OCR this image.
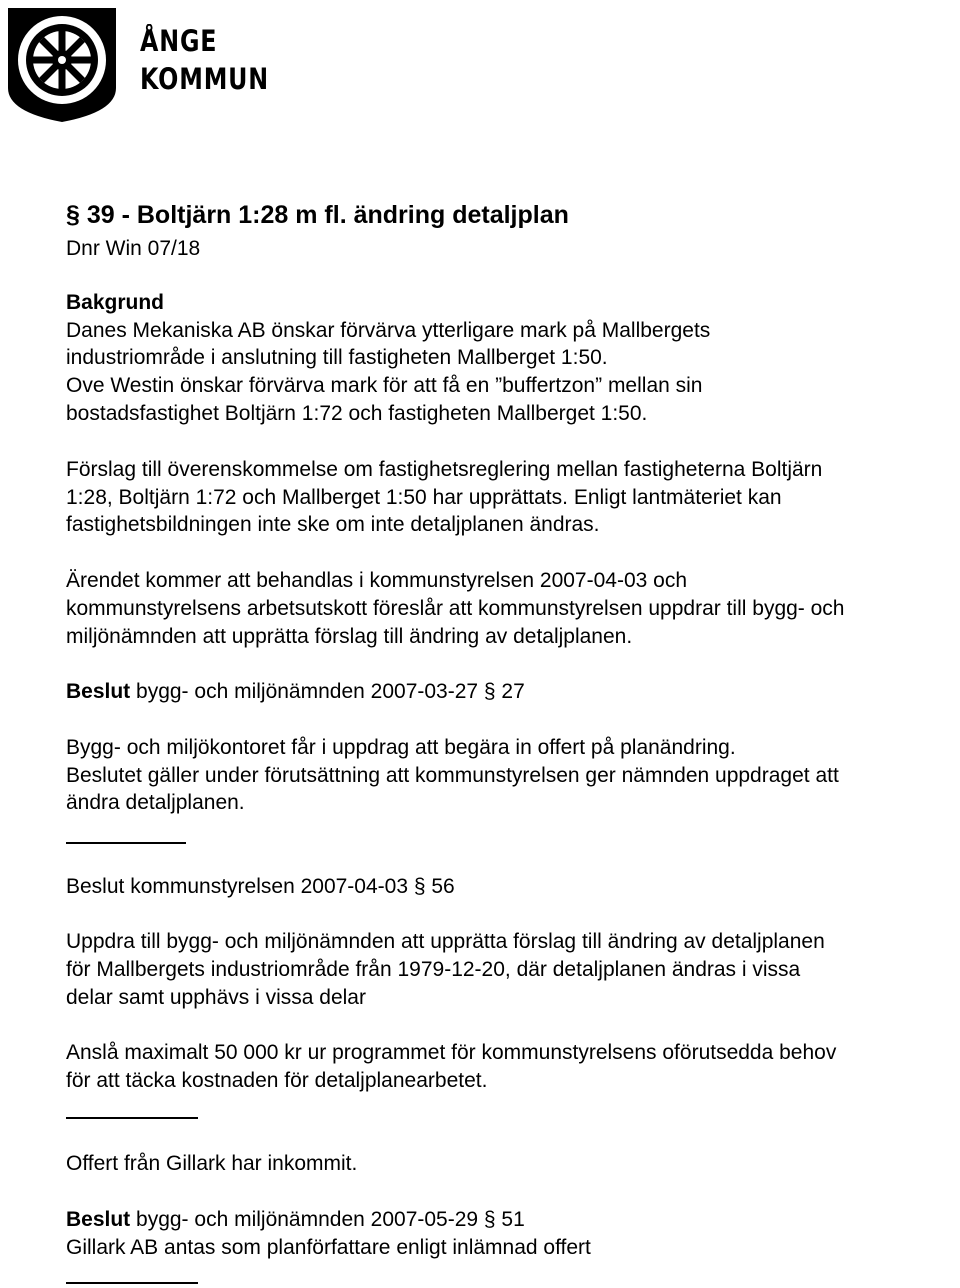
ÅNGE
KOMMUN
§ 39 - Boltjärn 1:28 m fl. ändring detaljplan
Dnr Win 07/18
Bakgrund
Danes Mekaniska AB önskar förvärva ytterligare mark på Mallbergets
industriområde i anslutning till fastigheten Mallberget 1:50.
Ove Westin önskar förvärva mark för att få en ”buffertzon” mellan sin
bostadsfastighet Boltjärn 1:72 och fastigheten Mallberget 1:50.
Förslag till överenskommelse om fastighetsreglering mellan fastigheterna Boltjärn
1:28, Boltjärn 1:72 och Mallberget 1:50 har upprättats. Enligt lantmäteriet kan
fastighetsbildningen inte ske om inte detaljplanen ändras.
Ärendet kommer att behandlas i kommunstyrelsen 2007-04-03 och
kommunstyrelsens arbetsutskott föreslår att kommunstyrelsen uppdrar till bygg- och
miljönämnden att upprätta förslag till ändring av detaljplanen.
Beslut bygg- och miljönämnden 2007-03-27 § 27
Bygg- och miljökontoret får i uppdrag att begära in offert på planändring.
Beslutet gäller under förutsättning att kommunstyrelsen ger nämnden uppdraget att
ändra detaljplanen.
Beslut kommunstyrelsen 2007-04-03 § 56
Uppdra till bygg- och miljönämnden att upprätta förslag till ändring av detaljplanen
för Mallbergets industriområde från 1979-12-20, där detaljplanen ändras i vissa
delar samt upphävs i vissa delar
Anslå maximalt 50 000 kr ur programmet för kommunstyrelsens oförutsedda behov
för att täcka kostnaden för detaljplanearbetet.
Offert från Gillark har inkommit.
Beslut bygg- och miljönämnden 2007-05-29 § 51
Gillark AB antas som planförfattare enligt inlämnad offert
